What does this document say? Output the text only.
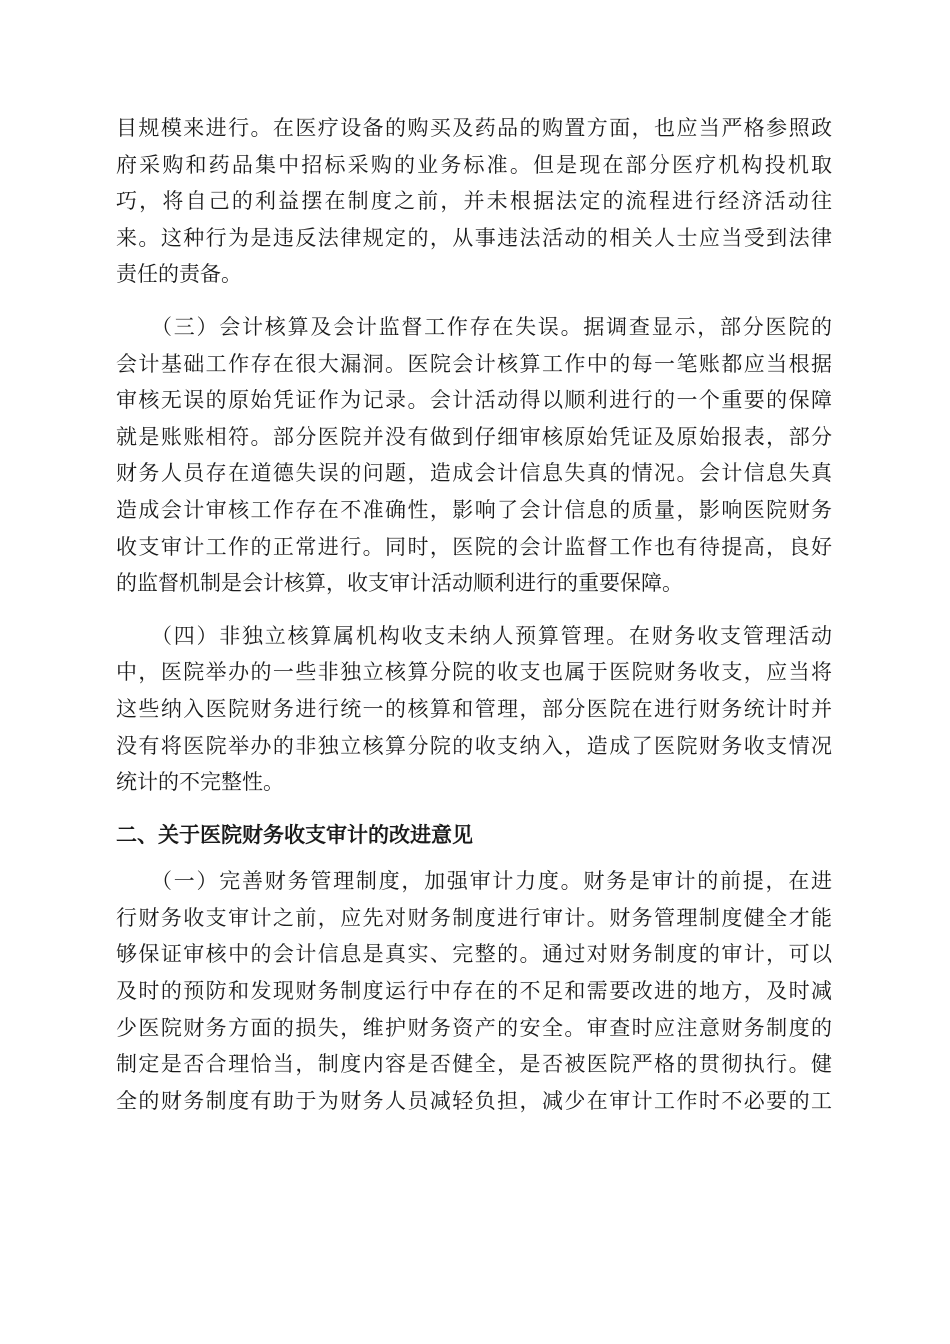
目规模来进行。在医疗设备的购买及药品的购置方面，也应当严格参照政
府采购和药品集中招标采购的业务标准。但是现在部分医疗机构投机取
巧，将自己的利益摆在制度之前，并未根据法定的流程进行经济活动往
来。这种行为是违反法律规定的，从事违法活动的相关人士应当受到法律
责任的责备。
　　（三）会计核算及会计监督工作存在失误。据调查显示，部分医院的
会计基础工作存在很大漏洞。医院会计核算工作中的每一笔账都应当根据
审核无误的原始凭证作为记录。会计活动得以顺利进行的一个重要的保障
就是账账相符。部分医院并没有做到仔细审核原始凭证及原始报表，部分
财务人员存在道德失误的问题，造成会计信息失真的情况。会计信息失真
造成会计审核工作存在不准确性，影响了会计信息的质量，影响医院财务
收支审计工作的正常进行。同时，医院的会计监督工作也有待提高，良好
的监督机制是会计核算，收支审计活动顺利进行的重要保障。
　　（四）非独立核算属机构收支未纳人预算管理。在财务收支管理活动
中，医院举办的一些非独立核算分院的收支也属于医院财务收支，应当将
这些纳入医院财务进行统一的核算和管理，部分医院在进行财务统计时并
没有将医院举办的非独立核算分院的收支纳入，造成了医院财务收支情况
统计的不完整性。
二、关于医院财务收支审计的改进意见
　　（一）完善财务管理制度，加强审计力度。财务是审计的前提，在进
行财务收支审计之前，应先对财务制度进行审计。财务管理制度健全才能
够保证审核中的会计信息是真实、完整的。通过对财务制度的审计，可以
及时的预防和发现财务制度运行中存在的不足和需要改进的地方，及时减
少医院财务方面的损失，维护财务资产的安全。审查时应注意财务制度的
制定是否合理恰当，制度内容是否健全，是否被医院严格的贯彻执行。健
全的财务制度有助于为财务人员减轻负担，减少在审计工作时不必要的工
